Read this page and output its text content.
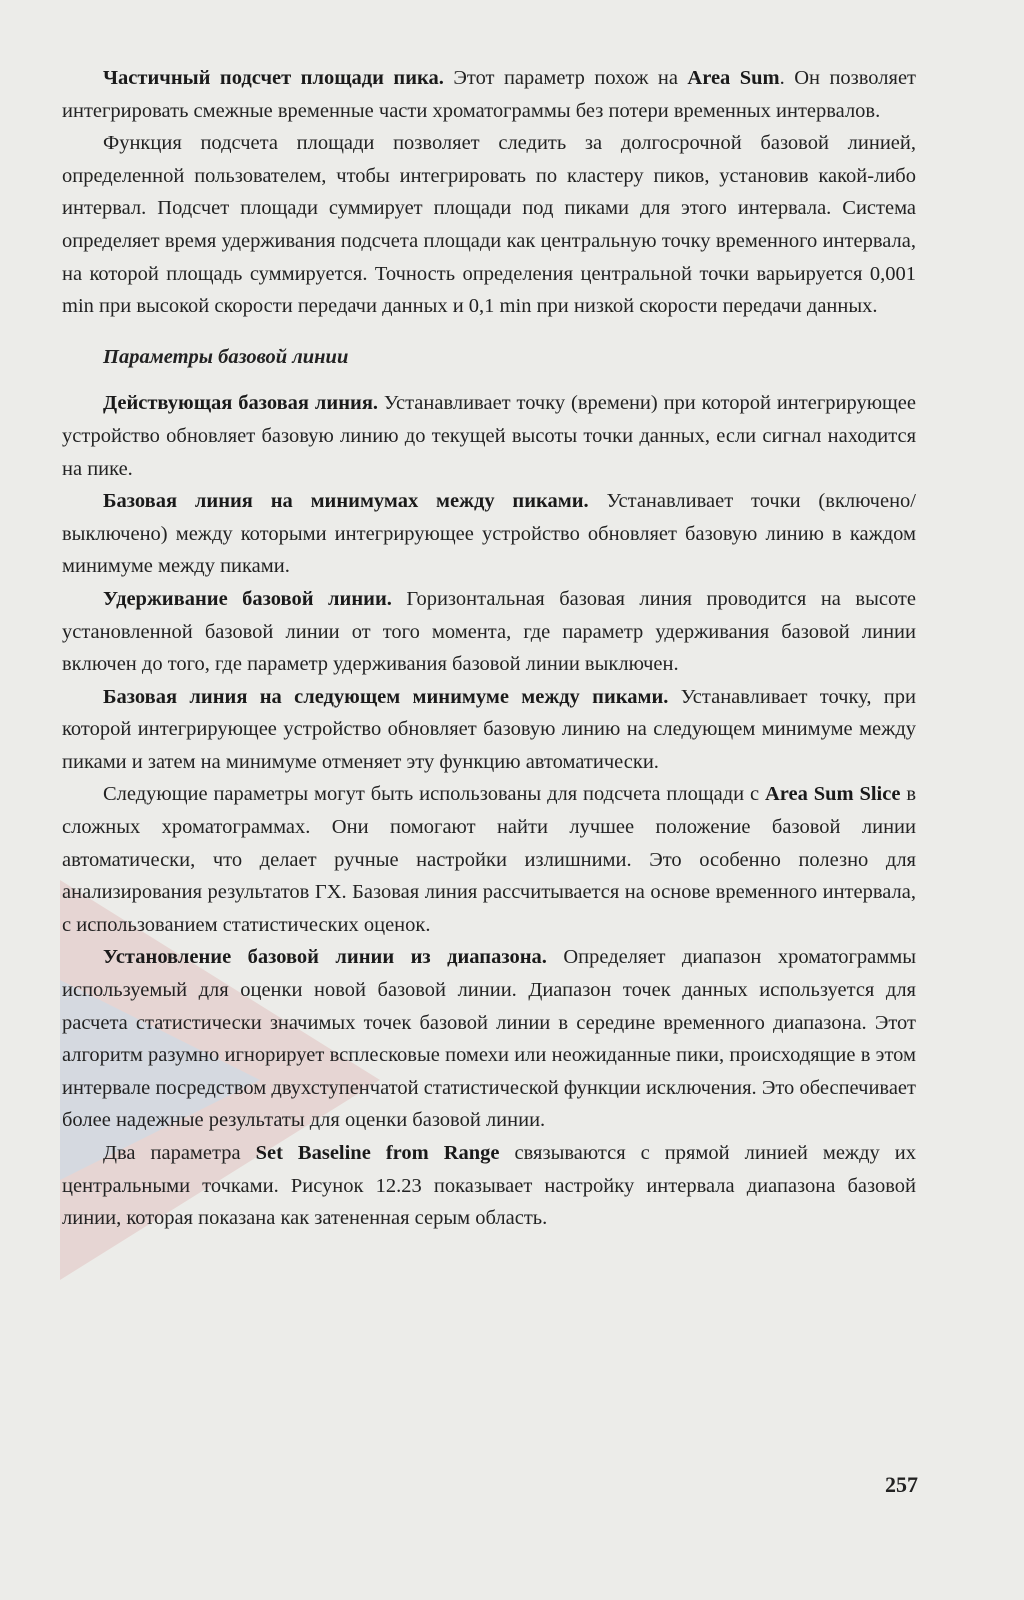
Частичный подсчет площади пика. Этот параметр похож на Area Sum. Он позволяет интегрировать смежные временные части хроматограммы без потери временных интервалов.

Функция подсчета площади позволяет следить за долгосрочной базовой линией, определенной пользователем, чтобы интегрировать по кластеру пиков, установив какой-либо интервал. Подсчет площади суммирует площади под пиками для этого интервала. Система определяет время удерживания подсчета площади как центральную точку временного интервала, на которой площадь суммируется. Точность определения центральной точки варьируется 0,001 min при высокой скорости передачи данных и 0,1 min при низкой скорости передачи данных.

Параметры базовой линии

Действующая базовая линия. Устанавливает точку (времени) при которой интегрирующее устройство обновляет базовую линию до текущей высоты точки данных, если сигнал находится на пике.

Базовая линия на минимумах между пиками. Устанавливает точки (включено/выключено) между которыми интегрирующее устройство обновляет базовую линию в каждом минимуме между пиками.

Удерживание базовой линии. Горизонтальная базовая линия проводится на высоте установленной базовой линии от того момента, где параметр удерживания базовой линии включен до того, где параметр удерживания базовой линии выключен.

Базовая линия на следующем минимуме между пиками. Устанавливает точку, при которой интегрирующее устройство обновляет базовую линию на следующем минимуме между пиками и затем на минимуме отменяет эту функцию автоматически.

Следующие параметры могут быть использованы для подсчета площади с Area Sum Slice в сложных хроматограммах. Они помогают найти лучшее положение базовой линии автоматически, что делает ручные настройки излишними. Это особенно полезно для анализирования результатов ГХ. Базовая линия рассчитывается на основе временного интервала, с использованием статистических оценок.

Установление базовой линии из диапазона. Определяет диапазон хроматограммы используемый для оценки новой базовой линии. Диапазон точек данных используется для расчета статистически значимых точек базовой линии в середине временного диапазона. Этот алгоритм разумно игнорирует всплесковые помехи или неожиданные пики, происходящие в этом интервале посредством двухступенчатой статистической функции исключения. Это обеспечивает более надежные результаты для оценки базовой линии.

Два параметра Set Baseline from Range связываются с прямой линией между их центральными точками. Рисунок 12.23 показывает настройку интервала диапазона базовой линии, которая показана как затененная серым область.

257
